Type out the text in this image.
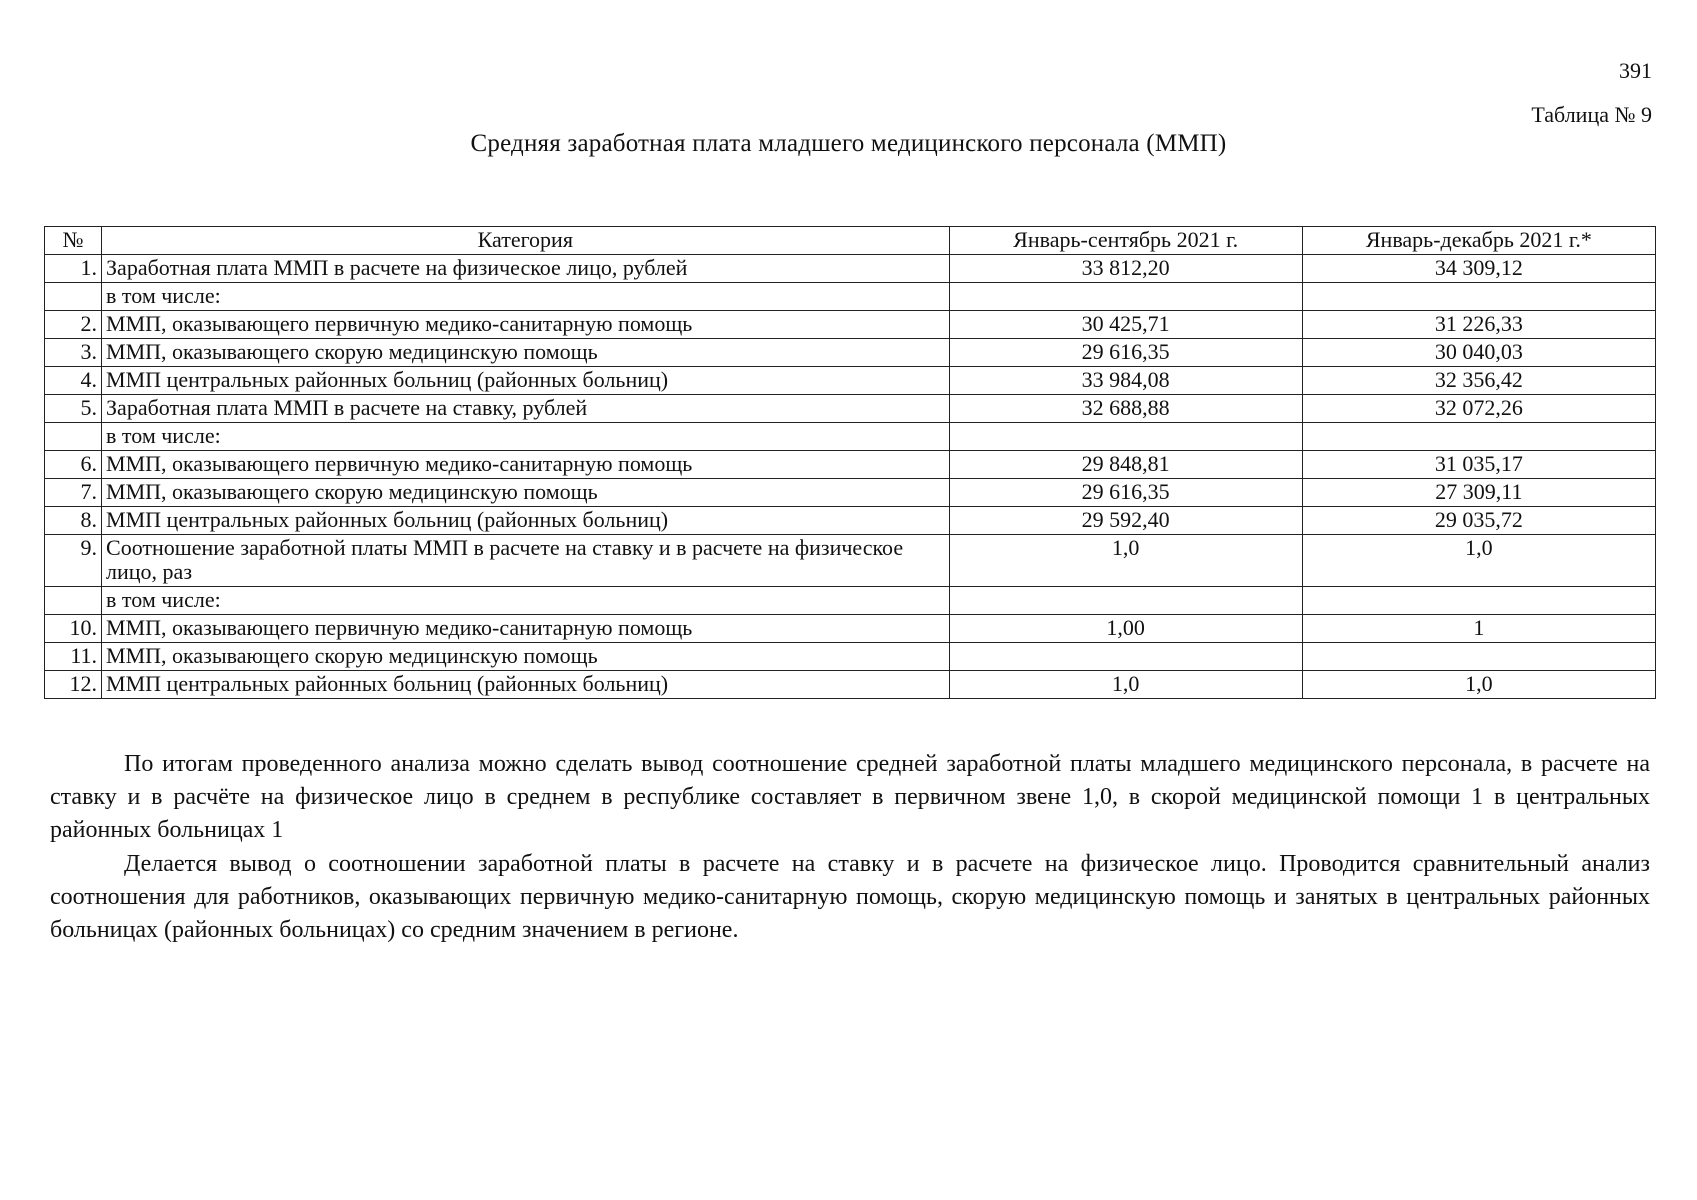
391
Таблица № 9
Средняя заработная плата младшего медицинского персонала (ММП)
№	Категория	Январь-сентябрь 2021 г.	Январь-декабрь 2021 г.*
1.	Заработная плата ММП в расчете на физическое лицо, рублей	33 812,20	34 309,12
	в том числе:		
2.	ММП, оказывающего первичную медико-санитарную помощь	30 425,71	31 226,33
3.	ММП, оказывающего скорую медицинскую помощь	29 616,35	30 040,03
4.	ММП центральных районных больниц (районных больниц)	33 984,08	32 356,42
5.	Заработная плата ММП в расчете на ставку, рублей	32 688,88	32 072,26
	в том числе:		
6.	ММП, оказывающего первичную медико-санитарную помощь	29 848,81	31 035,17
7.	ММП, оказывающего скорую медицинскую помощь	29 616,35	27 309,11
8.	ММП центральных районных больниц (районных больниц)	29 592,40	29 035,72
9.	Соотношение заработной платы ММП в расчете на ставку и в расчете на физическое лицо, раз	1,0	1,0
	в том числе:		
10.	ММП, оказывающего первичную медико-санитарную помощь	1,00	1
11.	ММП, оказывающего скорую медицинскую помощь		
12.	ММП центральных районных больниц (районных больниц)	1,0	1,0

По итогам проведенного анализа можно сделать вывод соотношение средней заработной платы младшего медицинского персонала, в расчете на ставку и в расчёте на физическое лицо в среднем в республике составляет в первичном звене 1,0, в скорой медицинской помощи 1 в центральных районных больницах 1

Делается вывод о соотношении заработной платы в расчете на ставку и в расчете на физическое лицо. Проводится сравнительный анализ соотношения для работников, оказывающих первичную медико-санитарную помощь, скорую медицинскую помощь и занятых в центральных районных больницах (районных больницах) со средним значением в регионе.
